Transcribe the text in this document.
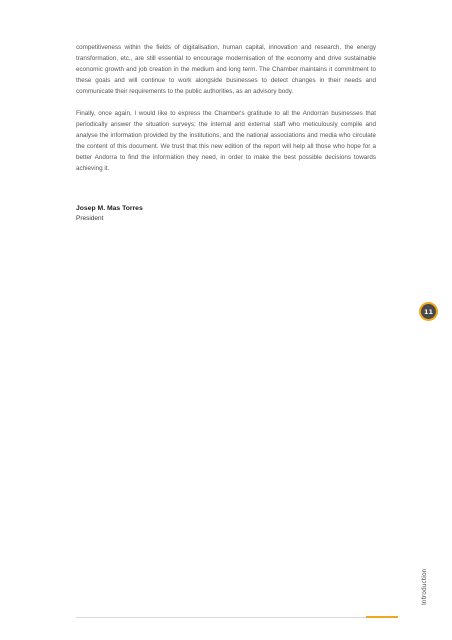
competitiveness within the fields of digitalisation, human capital, innovation and research, the energy transformation, etc., are still essential to encourage modernisation of the economy and drive sustainable economic growth and job creation in the medium and long term. The Chamber maintains it commitment to these goals and will continue to work alongside businesses to detect changes in their needs and communicate their requirements to the public authorities, as an advisory body.

Finally, once again, I would like to express the Chamber's gratitude to all the Andorran businesses that periodically answer the situation surveys; the internal and external staff who meticulously compile and analyse the information provided by the institutions, and the national associations and media who circulate the content of this document. We trust that this new edition of the report will help all those who hope for a better Andorra to find the information they need, in order to make the best possible decisions towards achieving it.

Josep M. Mas Torres
President
11
Introduction
